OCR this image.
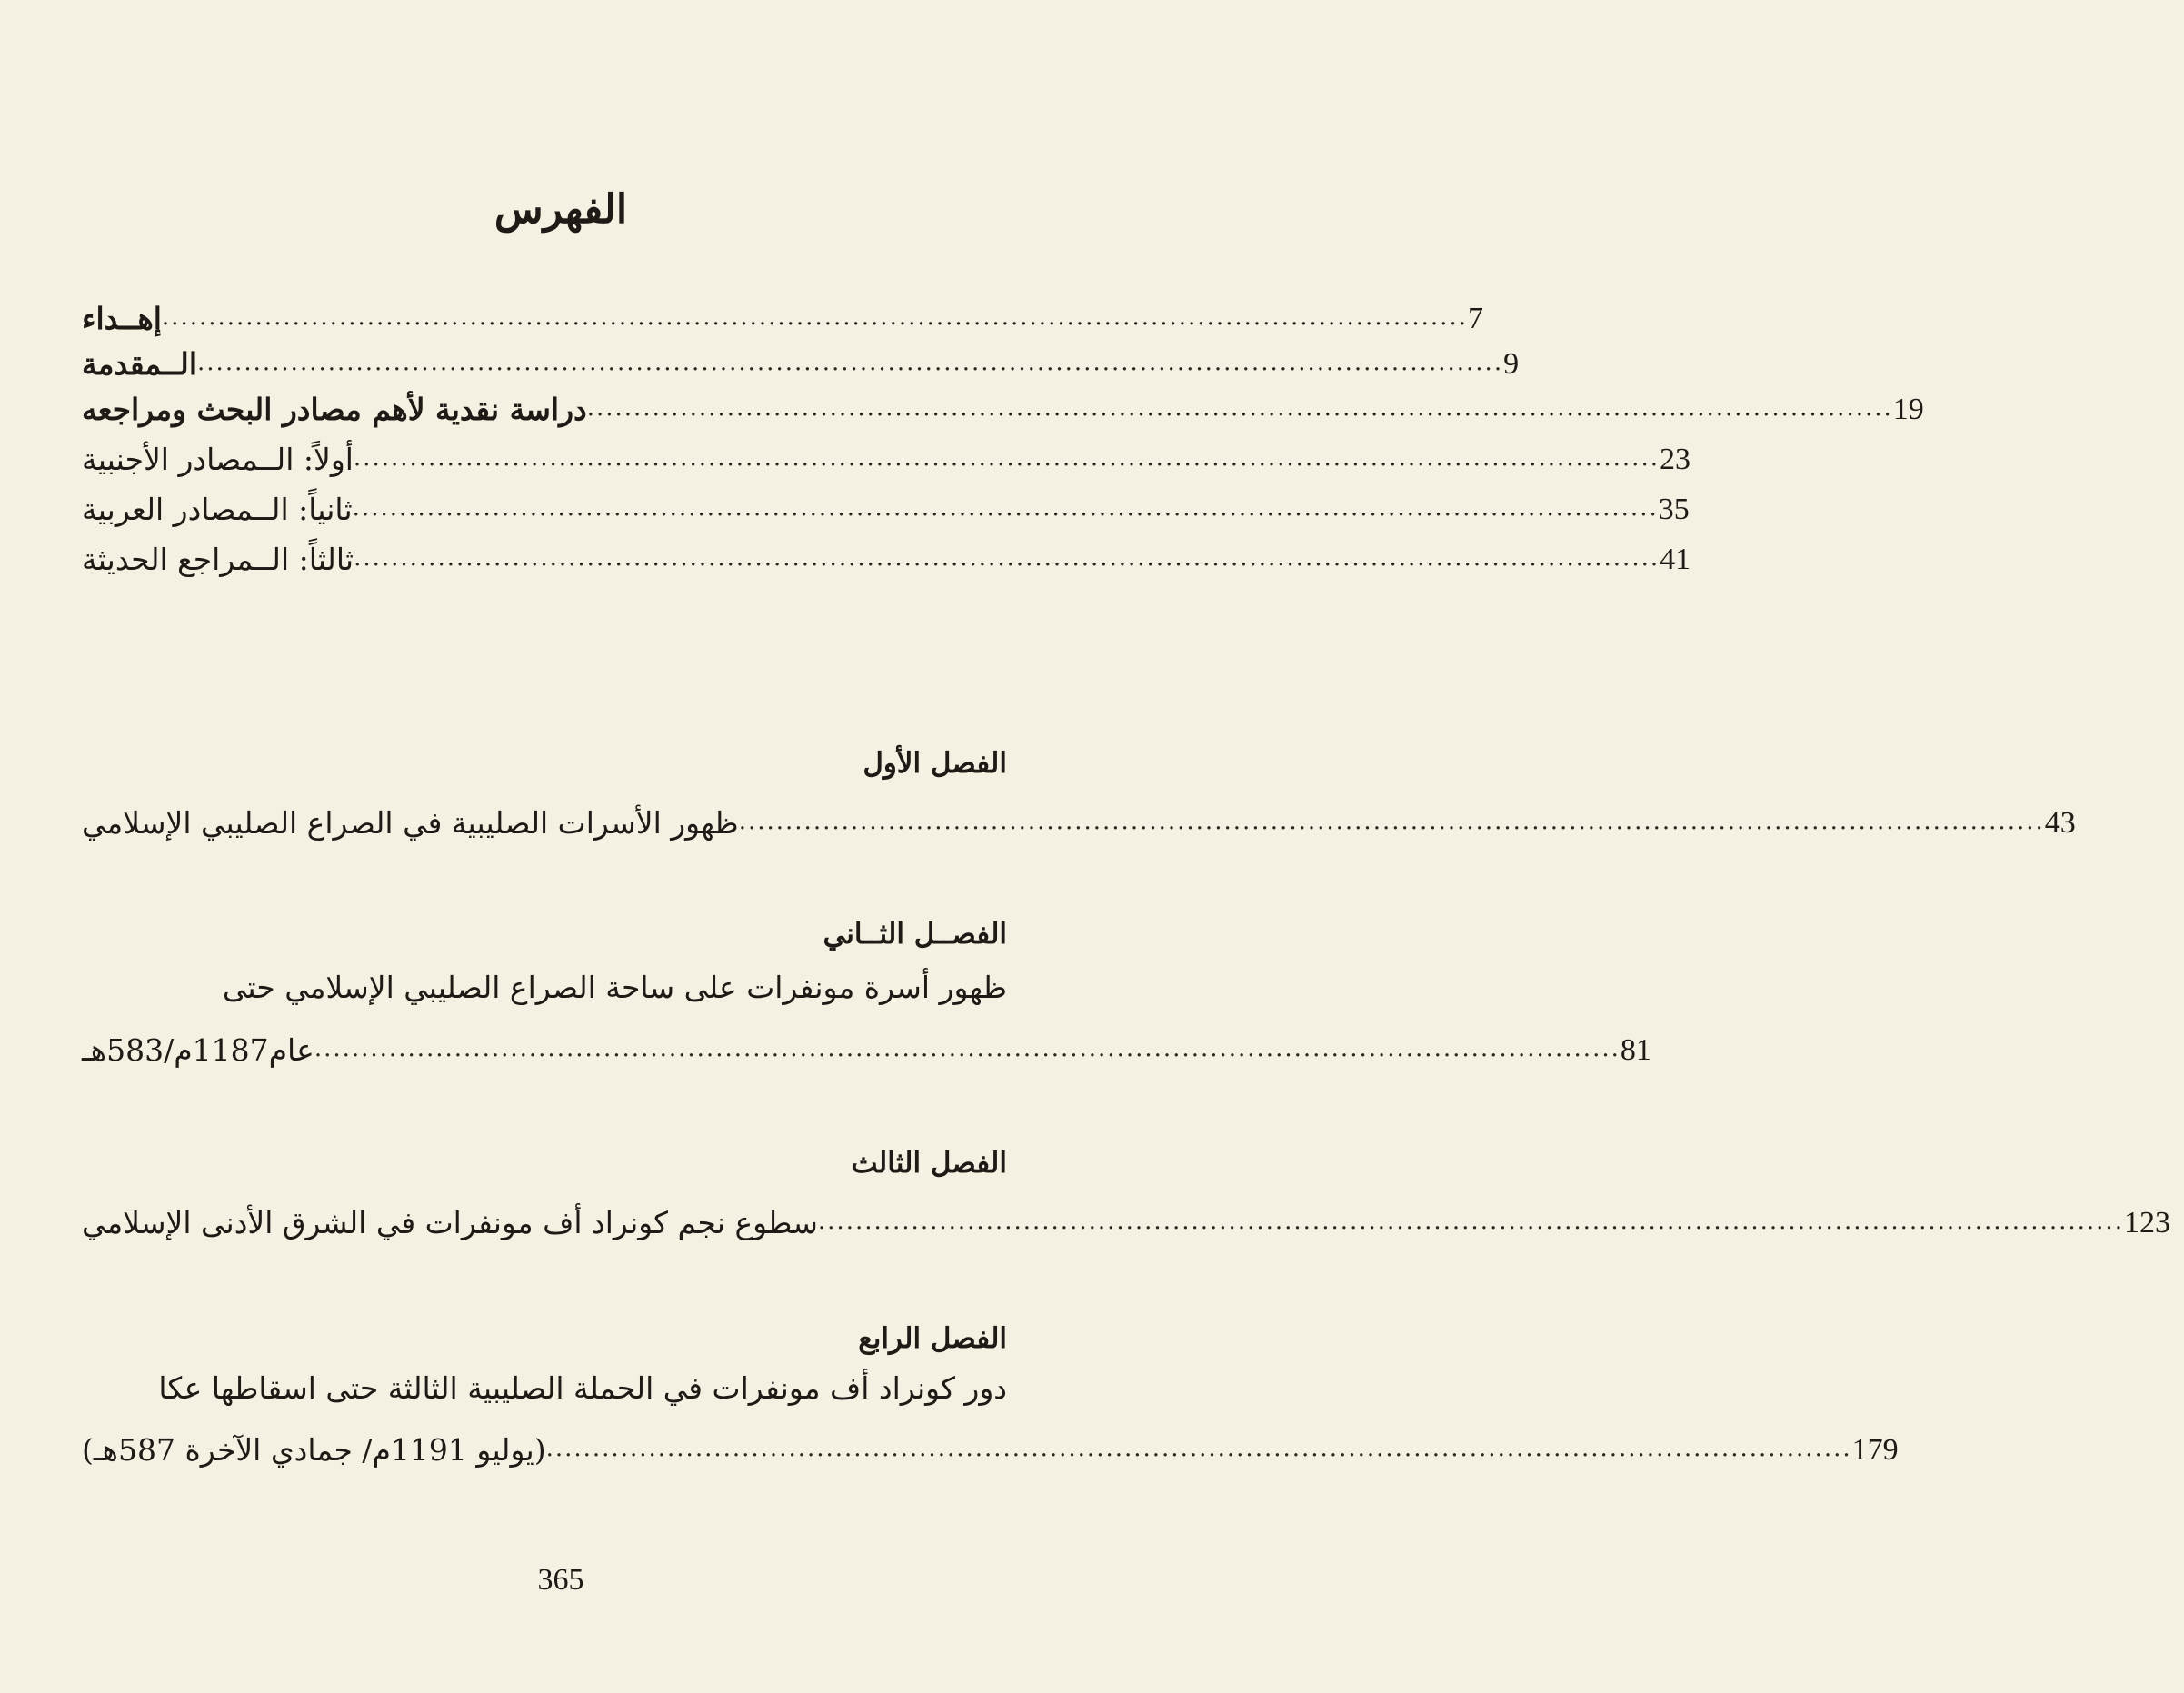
الفهرس
إهــداء ............................................................................................................................................ 7
الــمقدمة ............................................................................................................................................ 9
دراسة نقدية لأهم مصادر البحث ومراجعه ............................................................................................................................................ 19
أولاً: الــمصادر الأجنبية ............................................................................................................................................ 23
ثانياً: الــمصادر العربية ............................................................................................................................................ 35
ثالثاً: الــمراجع الحديثة ............................................................................................................................................ 41
الفصل الأول
ظهور الأسرات الصليبية في الصراع الصليبي الإسلامي ............................................................................................................................................ 43
الفصــل الثــاني
ظهور أسرة مونفرات على ساحة الصراع الصليبي الإسلامي حتى
عام1187م/583هـ ............................................................................................................................................ 81
الفصل الثالث
سطوع نجم كونراد أف مونفرات في الشرق الأدنى الإسلامي ............................................................................................................................................ 123
الفصل الرابع
دور كونراد أف مونفرات في الحملة الصليبية الثالثة حتى اسقاطها عكا
(يوليو 1191م/ جمادي الآخرة 587هـ) ............................................................................................................................................ 179
365
